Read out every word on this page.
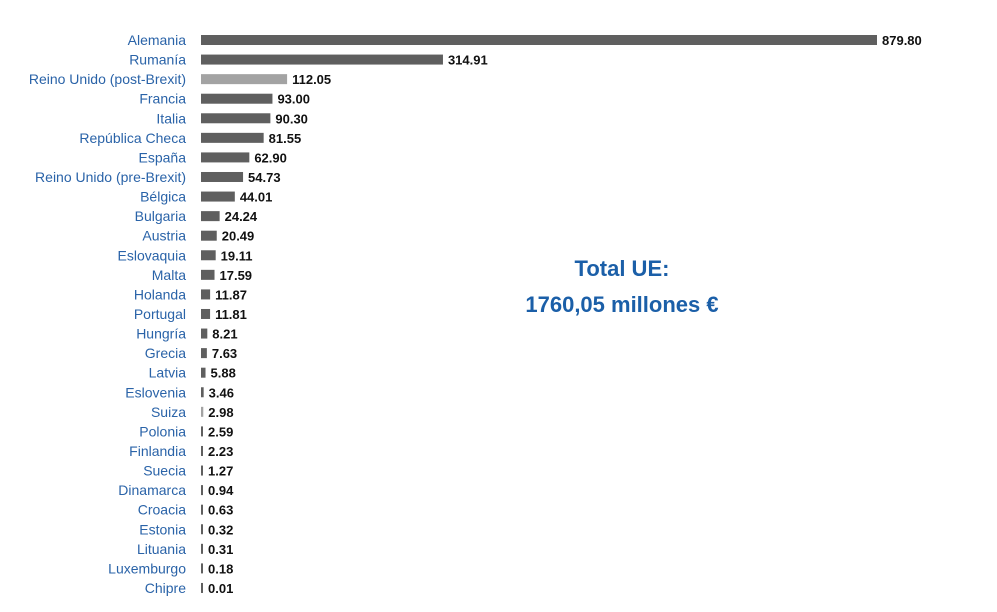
Alemania	879.80
Rumanía	314.91
Reino Unido (post-Brexit)	112.05
Francia	93.00
Italia	90.30
República Checa	81.55
España	62.90
Reino Unido (pre-Brexit)	54.73
Bélgica	44.01
Bulgaria	24.24
Austria	20.49
Eslovaquia	19.11
Malta	17.59
Holanda 11.87
Portugal 11.81
Hungría 8.21
Grecia 7.63
Latvia 5.88
Eslovenia 3.46
Suiza 2.98
Polonia 2.59
Finlandia 2.23
Suecia 1.27
Dinamarca 0.94
Croacia 0.63
Estonia 0.32
Lituania 0.31
Luxemburgo 0.18
Chipre 0.01
Total UE:
1760,05 millones €
